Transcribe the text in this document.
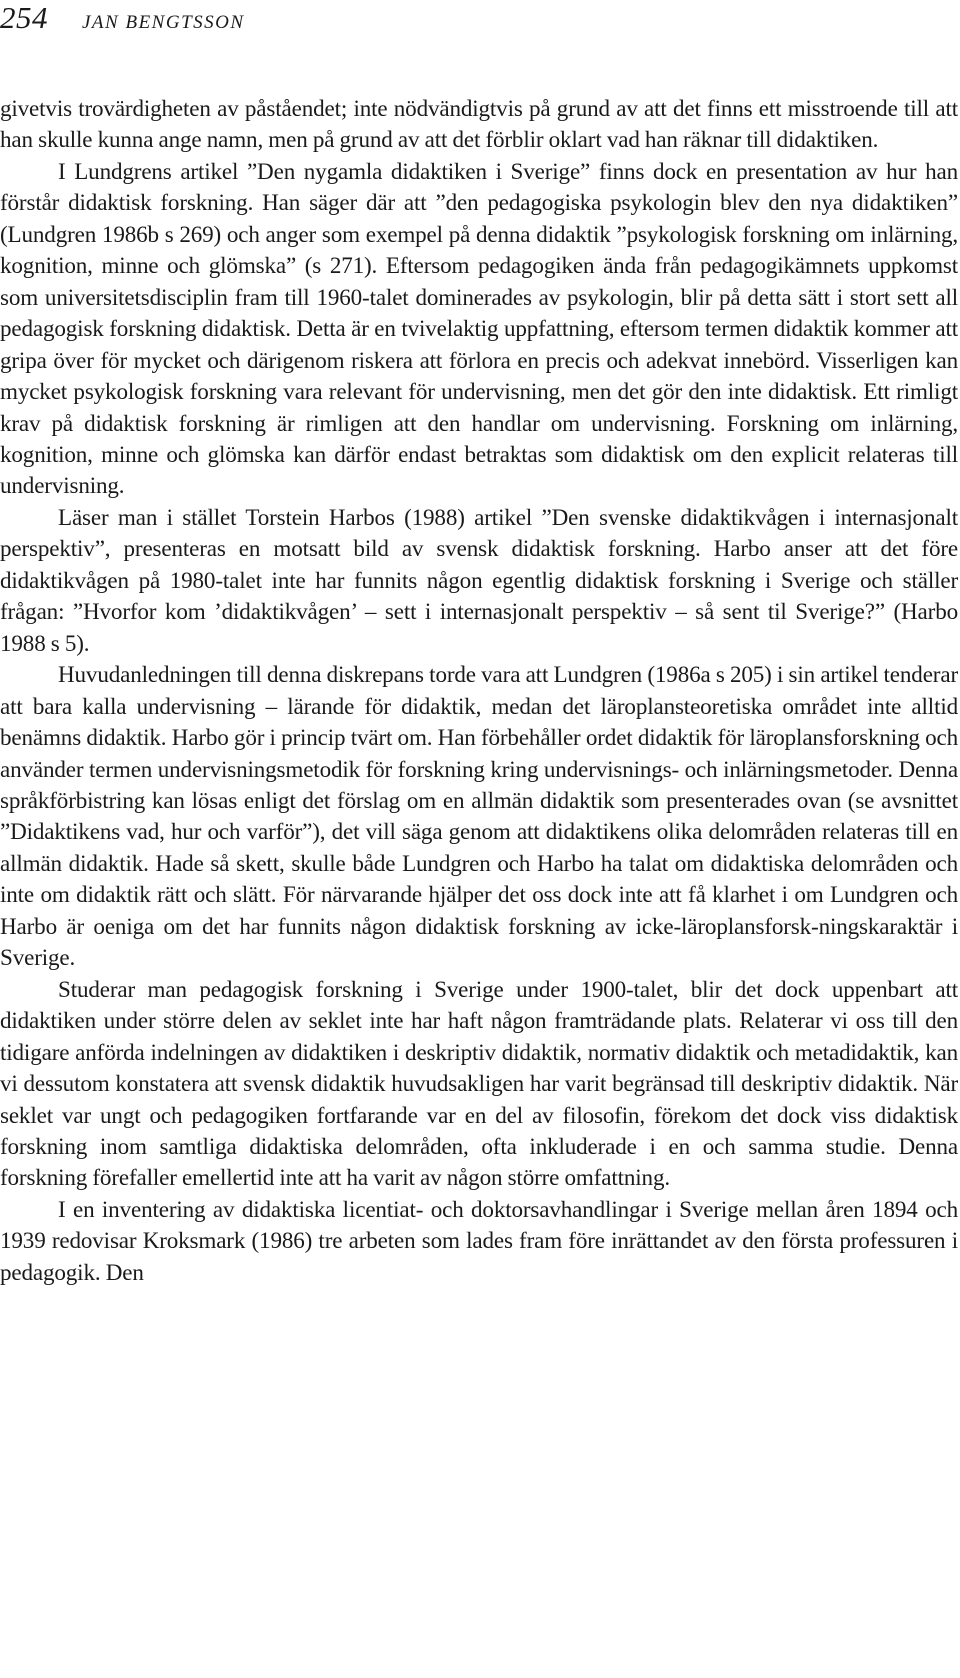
254 JAN BENGTSSON

givetvis trovärdigheten av påståendet; inte nödvändigtvis på grund av att det finns ett misstroende till att han skulle kunna ange namn, men på grund av att det förblir oklart vad han räknar till didaktiken.

I Lundgrens artikel ”Den nygamla didaktiken i Sverige” finns dock en presentation av hur han förstår didaktisk forskning. Han säger där att ”den pedagogiska psykologin blev den nya didaktiken” (Lundgren 1986b s 269) och anger som exempel på denna didaktik ”psykologisk forskning om inlärning, kognition, minne och glömska” (s 271). Eftersom pedagogiken ända från pedagogikämnets uppkomst som universitetsdisciplin fram till 1960-talet dominerades av psykologin, blir på detta sätt i stort sett all pedagogisk forskning didaktisk. Detta är en tvivelaktig uppfattning, eftersom termen didaktik kommer att gripa över för mycket och därigenom riskera att förlora en precis och adekvat innebörd. Visserligen kan mycket psykologisk forskning vara relevant för undervisning, men det gör den inte didaktisk. Ett rimligt krav på didaktisk forskning är rimligen att den handlar om undervisning. Forskning om inlärning, kognition, minne och glömska kan därför endast betraktas som didaktisk om den explicit relateras till undervisning.

Läser man i stället Torstein Harbos (1988) artikel ”Den svenske didaktikvågen i internasjonalt perspektiv”, presenteras en motsatt bild av svensk didaktisk forskning. Harbo anser att det före didaktikvågen på 1980-talet inte har funnits någon egentlig didaktisk forskning i Sverige och ställer frågan: ”Hvorfor kom ’didaktikvågen’ – sett i internasjonalt perspektiv – så sent til Sverige?” (Harbo 1988 s 5).

Huvudanledningen till denna diskrepans torde vara att Lundgren (1986a s 205) i sin artikel tenderar att bara kalla undervisning – lärande för didaktik, medan det läroplansteoretiska området inte alltid benämns didaktik. Harbo gör i princip tvärt om. Han förbehåller ordet didaktik för läroplansforskning och använder termen undervisningsmetodik för forskning kring undervisnings- och inlärningsmetoder. Denna språkförbistring kan lösas enligt det förslag om en allmän didaktik som presenterades ovan (se avsnittet ”Didaktikens vad, hur och varför”), det vill säga genom att didaktikens olika delområden relateras till en allmän didaktik. Hade så skett, skulle både Lundgren och Harbo ha talat om didaktiska delområden och inte om didaktik rätt och slätt. För närvarande hjälper det oss dock inte att få klarhet i om Lundgren och Harbo är oeniga om det har funnits någon didaktisk forskning av icke-läroplansforsk-ningskaraktär i Sverige.

Studerar man pedagogisk forskning i Sverige under 1900-talet, blir det dock uppenbart att didaktiken under större delen av seklet inte har haft någon framträdande plats. Relaterar vi oss till den tidigare anförda indelningen av didaktiken i deskriptiv didaktik, normativ didaktik och metadidaktik, kan vi dessutom konstatera att svensk didaktik huvudsakligen har varit begränsad till deskriptiv didaktik. När seklet var ungt och pedagogiken fortfarande var en del av filosofin, förekom det dock viss didaktisk forskning inom samtliga didaktiska delområden, ofta inkluderade i en och samma studie. Denna forskning förefaller emellertid inte att ha varit av någon större omfattning.

I en inventering av didaktiska licentiat- och doktorsavhandlingar i Sverige mellan åren 1894 och 1939 redovisar Kroksmark (1986) tre arbeten som lades fram före inrättandet av den första professuren i pedagogik. Den
